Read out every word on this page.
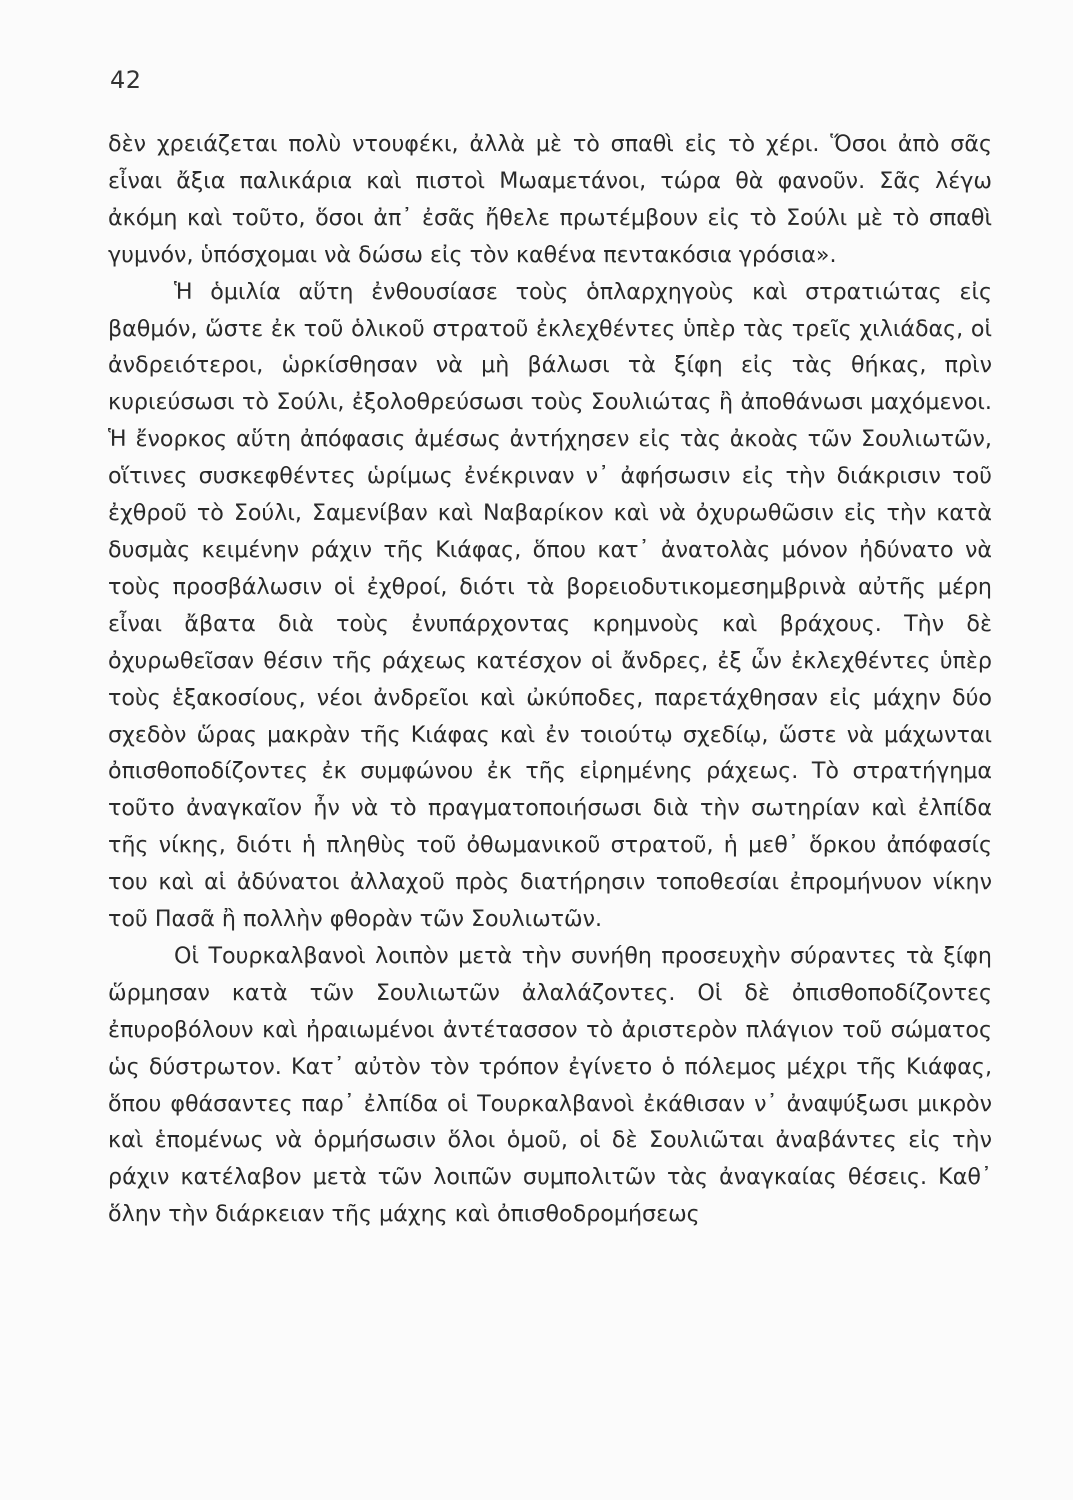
42

δὲν χρειάζεται πολὺ ντουφέκι, ἀλλὰ μὲ τὸ σπαθὶ εἰς τὸ χέρι. Ὅσοι ἀπὸ σᾶς εἶναι ἄξια παλικάρια καὶ πιστοὶ Μωαμετάνοι, τώρα θὰ φανοῦν. Σᾶς λέγω ἀκόμη καὶ τοῦτο, ὅσοι ἀπ᾽ ἐσᾶς ἤθελε πρωτέμβουν εἰς τὸ Σούλι μὲ τὸ σπαθὶ γυμνόν, ὑπόσχομαι νὰ δώσω εἰς τὸν καθένα πεντακόσια γρόσια».

Ἡ ὁμιλία αὕτη ἐνθουσίασε τοὺς ὁπλαρχηγοὺς καὶ στρατιώτας εἰς βαθμόν, ὥστε ἐκ τοῦ ὁλικοῦ στρατοῦ ἐκλεχθέντες ὑπὲρ τὰς τρεῖς χιλιάδας, οἱ ἀνδρειότεροι, ὡρκίσθησαν νὰ μὴ βάλωσι τὰ ξίφη εἰς τὰς θήκας, πρὶν κυριεύσωσι τὸ Σούλι, ἐξολοθρεύσωσι τοὺς Σουλιώτας ἢ ἀποθάνωσι μαχόμενοι. Ἡ ἔνορκος αὕτη ἀπόφασις ἀμέσως ἀντήχησεν εἰς τὰς ἀκοὰς τῶν Σουλιωτῶν, οἵτινες συσκεφθέντες ὡρίμως ἐνέκριναν ν᾽ ἀφήσωσιν εἰς τὴν διάκρισιν τοῦ ἐχθροῦ τὸ Σούλι, Σαμενίβαν καὶ Ναβαρίκον καὶ νὰ ὀχυρωθῶσιν εἰς τὴν κατὰ δυσμὰς κειμένην ράχιν τῆς Κιάφας, ὅπου κατ᾽ ἀνατολὰς μόνον ἠδύνατο νὰ τοὺς προσβάλωσιν οἱ ἐχθροί, διότι τὰ βορειοδυτικομεσημβρινὰ αὐτῆς μέρη εἶναι ἄβατα διὰ τοὺς ἐνυπάρχοντας κρημνοὺς καὶ βράχους. Τὴν δὲ ὀχυρωθεῖσαν θέσιν τῆς ράχεως κατέσχον οἱ ἄνδρες, ἐξ ὧν ἐκλεχθέντες ὑπὲρ τοὺς ἑξακοσίους, νέοι ἀνδρεῖοι καὶ ὠκύποδες, παρετάχθησαν εἰς μάχην δύο σχεδὸν ὥρας μακρὰν τῆς Κιάφας καὶ ἐν τοιούτῳ σχεδίῳ, ὥστε νὰ μάχωνται ὀπισθοποδίζοντες ἐκ συμφώνου ἐκ τῆς εἰρημένης ράχεως. Τὸ στρατήγημα τοῦτο ἀναγκαῖον ἦν νὰ τὸ πραγματοποιήσωσι διὰ τὴν σωτηρίαν καὶ ἐλπίδα τῆς νίκης, διότι ἡ πληθὺς τοῦ ὀθωμανικοῦ στρατοῦ, ἡ μεθ᾽ ὅρκου ἀπόφασίς του καὶ αἱ ἀδύνατοι ἀλλαχοῦ πρὸς διατήρησιν τοποθεσίαι ἐπρομήνυον νίκην τοῦ Πασᾶ ἢ πολλὴν φθορὰν τῶν Σουλιωτῶν.

Οἱ Τουρκαλβανοὶ λοιπὸν μετὰ τὴν συνήθη προσευχὴν σύραντες τὰ ξίφη ὥρμησαν κατὰ τῶν Σουλιωτῶν ἀλαλάζοντες. Οἱ δὲ ὀπισθοποδίζοντες ἐπυροβόλουν καὶ ἠραιωμένοι ἀντέτασσον τὸ ἀριστερὸν πλάγιον τοῦ σώματος ὡς δύστρωτον. Κατ᾽ αὐτὸν τὸν τρόπον ἐγίνετο ὁ πόλεμος μέχρι τῆς Κιάφας, ὅπου φθάσαντες παρ᾽ ἐλπίδα οἱ Τουρκαλβανοὶ ἐκάθισαν ν᾽ ἀναψύξωσι μικρὸν καὶ ἑπομένως νὰ ὁρμήσωσιν ὅλοι ὁμοῦ, οἱ δὲ Σουλιῶται ἀναβάντες εἰς τὴν ράχιν κατέλαβον μετὰ τῶν λοιπῶν συμπολιτῶν τὰς ἀναγκαίας θέσεις. Καθ᾽ ὅλην τὴν διάρκειαν τῆς μάχης καὶ ὀπισθοδρομήσεως
